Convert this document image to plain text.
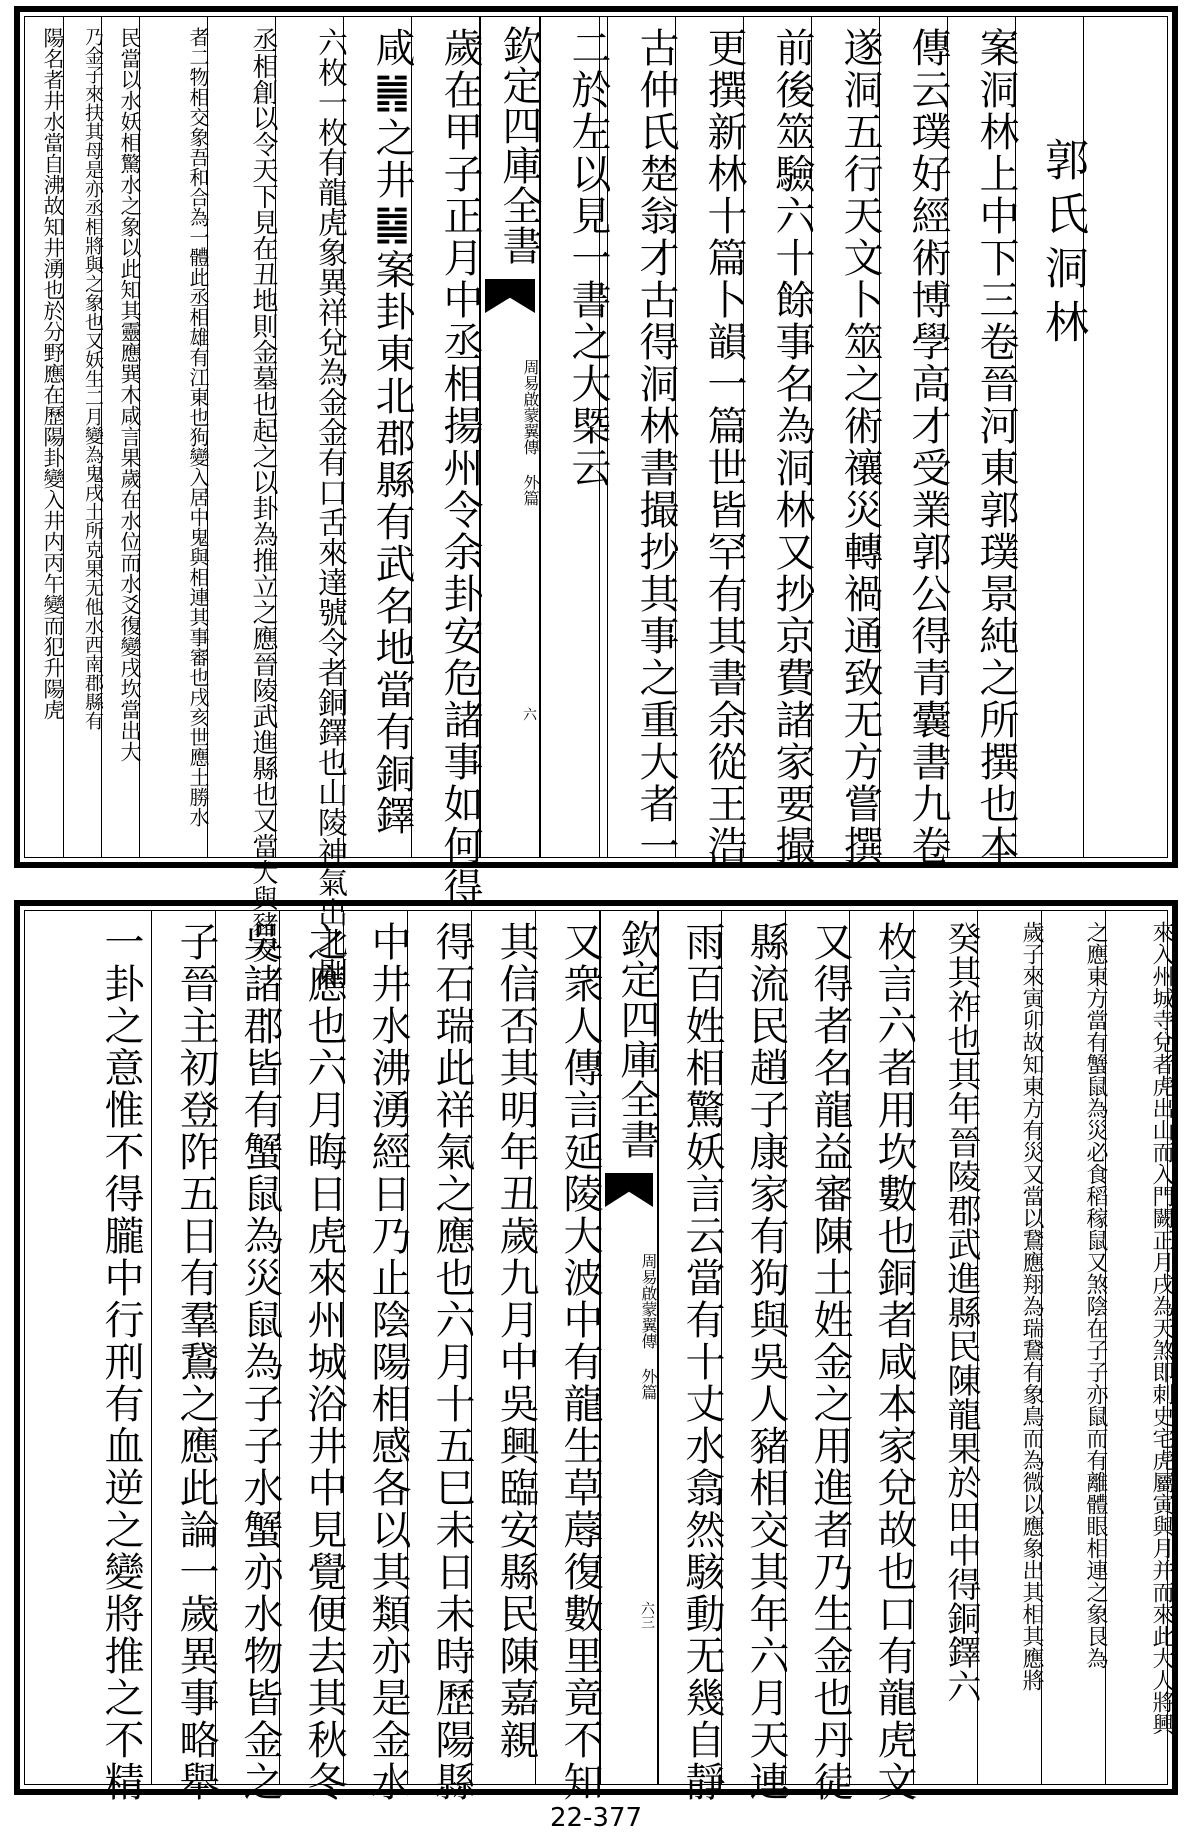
郭氏洞林
案洞林上中下三卷晉河東郭璞景純之所撰也本
傳云璞好經術博學高才受業郭公得青囊書九卷
遂洞五行天文卜筮之術禳災轉禍通致无方嘗撰
前後筮驗六十餘事名為洞林又抄京費諸家要撮
更撰新林十篇卜韻一篇世皆罕有其書余從王浩
古仲氏楚翁才古得洞林書撮抄其事之重大者一
二於左以見一書之大槩云
欽定四庫全書
周易啟蒙翼傳 外篇
六
歲在甲子正月中丞相揚州令余卦安危諸事如何得
咸䷞之井䷯案卦東北郡縣有武名地當有銅鐸
六枚一枚有龍虎象異祥兌為金金有口舌來達號令者銅鐸也山陵神氣出北則
丞相創以令天下見在丑地則金墓也起之以卦為推立之應晉陵武進縣也又當犬與豬交
者二物相交象吾和合為一體此丞相雄有江東也狗變入居中鬼與相連其事審也戌亥世應土勝水
民當以水妖相驚水之象以此知其靈應巽木咸言果歲在水位而水爻復變戌坎當出大
乃金子來扶其母是亦丞相將與之象也又妖生二月變為鬼戌土所克果无他水西南郡縣有
陽名者井水當自沸故知井湧也於分野應在歷陽卦變入井内丙午變而犯升陽虎
來入州城寺兌者虎出山而入門闕正月戌為天煞即刺史宅虎屬寅與月并而來此大人將興
之應東方當有蟹鼠為災必食稻稼鼠又煞陰在子子亦鼠而有離體眼相連之象艮為
歲子來寅卯故知東方有災又當以鵞應翔為瑞鵞有象鳥而為微以應象出其相其應將
癸其祚也其年晉陵郡武進縣民陳龍果於田中得銅鐸六
枚言六者用坎數也銅者咸本家兌故也口有龍虎文
又得者名龍益審陳土姓金之用進者乃生金也丹徒
縣流民趙子康家有狗與吳人豬相交其年六月天連
雨百姓相驚妖言云當有十丈水翕然駭動无幾自靜
欽定四庫全書
周易啟蒙翼傳 外篇
六三
又衆人傳言延陵大波中有龍生草蓐復數里竟不知
其信否其明年丑歲九月中吳興臨安縣民陳嘉親
得石瑞此祥氣之應也六月十五巳未日未時歷陽縣
中井水沸湧經日乃止陰陽相感各以其類亦是金水
之應也六月晦日虎來州城浴井中見覺便去其秋冬
吳諸郡皆有蟹鼠為災鼠為子子水蟹亦水物皆金之
子晉主初登阼五日有羣鵞之應此論一歲異事略舉
一卦之意惟不得朧中行刑有血逆之變將推之不精
22-377
